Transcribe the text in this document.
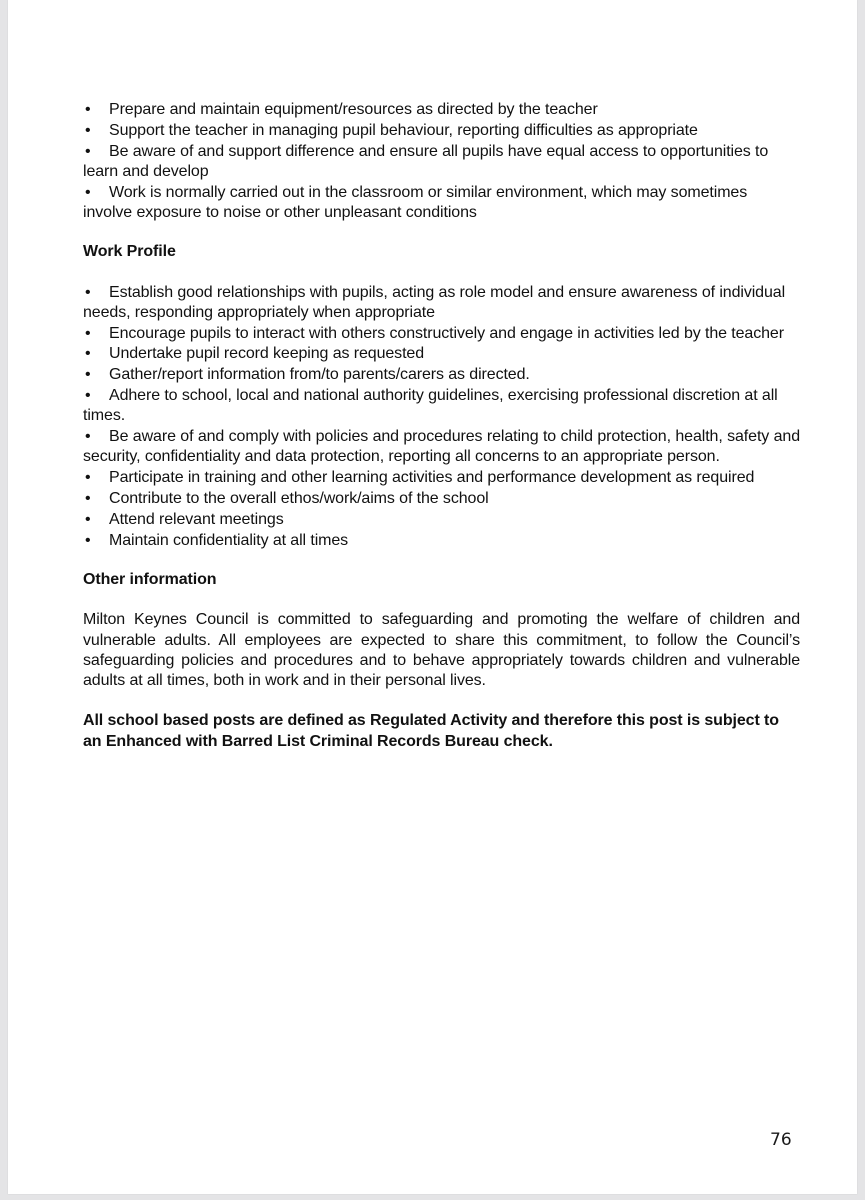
• Prepare and maintain equipment/resources as directed by the teacher
• Support the teacher in managing pupil behaviour, reporting difficulties as appropriate
• Be aware of and support difference and ensure all pupils have equal access to opportunities to learn and develop
• Work is normally carried out in the classroom or similar environment, which may sometimes involve exposure to noise or other unpleasant conditions
Work Profile
• Establish good relationships with pupils, acting as role model and ensure awareness of individual needs, responding appropriately when appropriate
• Encourage pupils to interact with others constructively and engage in activities led by the teacher
• Undertake pupil record keeping as requested
• Gather/report information from/to parents/carers as directed.
• Adhere to school, local and national authority guidelines, exercising professional discretion at all times.
• Be aware of and comply with policies and procedures relating to child protection, health, safety and security, confidentiality and data protection, reporting all concerns to an appropriate person.
• Participate in training and other learning activities and performance development as required
• Contribute to the overall ethos/work/aims of the school
• Attend relevant meetings
• Maintain confidentiality at all times
Other information

Milton Keynes Council is committed to safeguarding and promoting the welfare of children and vulnerable adults. All employees are expected to share this commitment, to follow the Council’s safeguarding policies and procedures and to behave appropriately towards children and vulnerable adults at all times, both in work and in their personal lives.

All school based posts are defined as Regulated Activity and therefore this post is subject to an Enhanced with Barred List Criminal Records Bureau check.

76
